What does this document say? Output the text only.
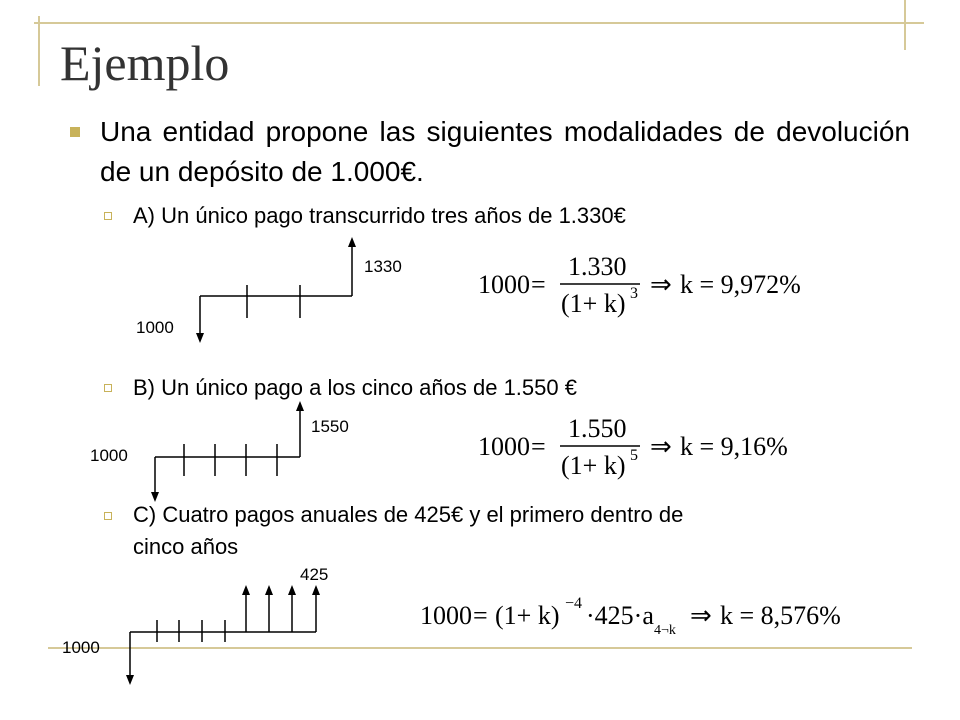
Ejemplo
Una entidad propone las siguientes modalidades de devolución de un depósito de 1.000€.
A) Un único pago transcurrido tres años de 1.330€
1330
1000
B) Un único pago a los cinco años de 1.550 €
1550
1000
C) Cuatro pagos anuales de 425€ y el primero dentro de
cinco años
425
1000
1000 =
1.330
(1+ k) 3 ⇒ k = 9,972%
1000 =
1.550
(1+ k) 5 ⇒ k = 9,16%
1000 = (1+ k) −4 ·425·a
4¬k
⇒ k = 8,576%
